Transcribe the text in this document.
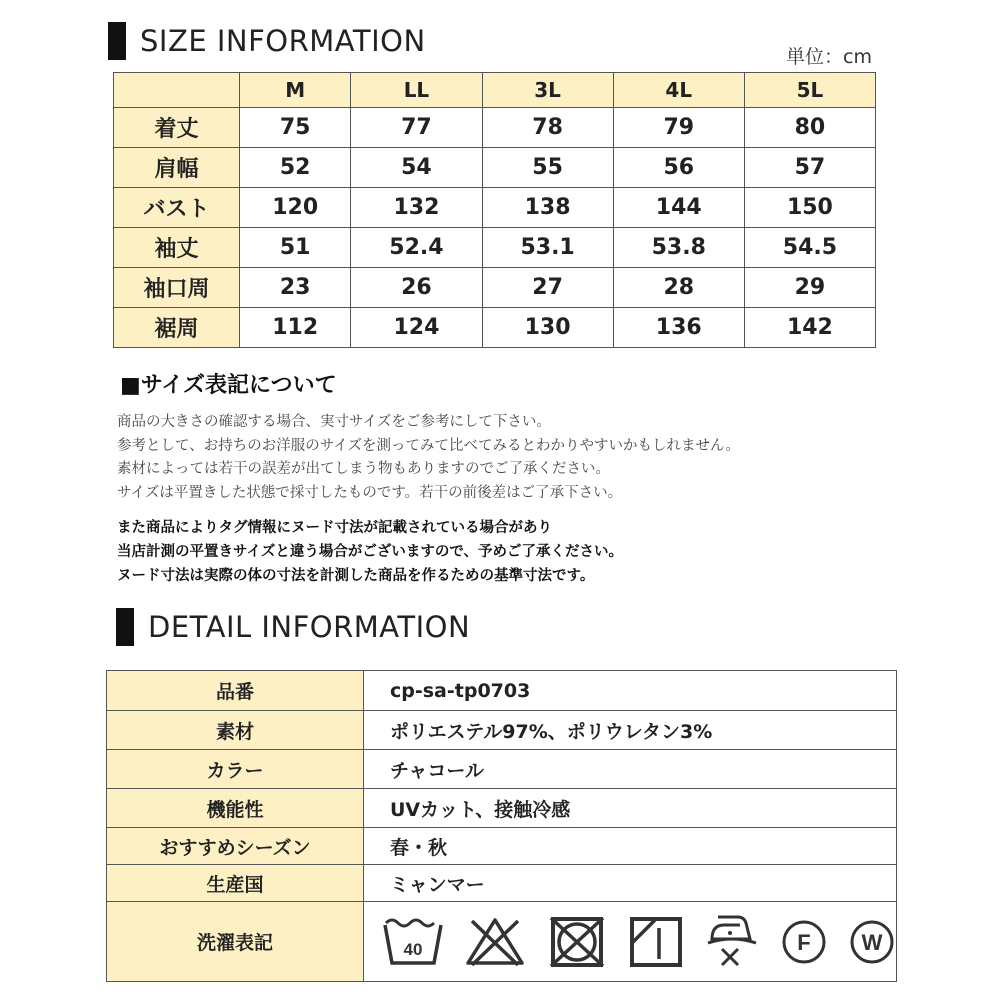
SIZE INFORMATION	単位：cm
	M	LL	3L	4L	5L
着丈	75	77	78	79	80
肩幅	52	54	55	56	57
バスト	120	132	138	144	150
袖丈	51	52.4	53.1	53.8	54.5
袖口周	23	26	27	28	29
裾周	112	124	130	136	142
■サイズ表記について
商品の大きさの確認する場合、実寸サイズをご参考にして下さい。
参考として、お持ちのお洋服のサイズを測ってみて比べてみるとわかりやすいかもしれません。
素材によっては若干の誤差が出てしまう物もありますのでご了承ください。
サイズは平置きした状態で採寸したものです。若干の前後差はご了承下さい。
また商品によりタグ情報にヌード寸法が記載されている場合があり
当店計測の平置きサイズと違う場合がございますので、予めご了承ください。
ヌード寸法は実際の体の寸法を計測した商品を作るための基準寸法です。
DETAIL INFORMATION
品番	cp-sa-tp0703
素材	ポリエステル97%、ポリウレタン3%
カラー	チャコール
機能性	UVカット、接触冷感
おすすめシーズン	春・秋
生産国	ミャンマー
洗濯表記	40 F W
